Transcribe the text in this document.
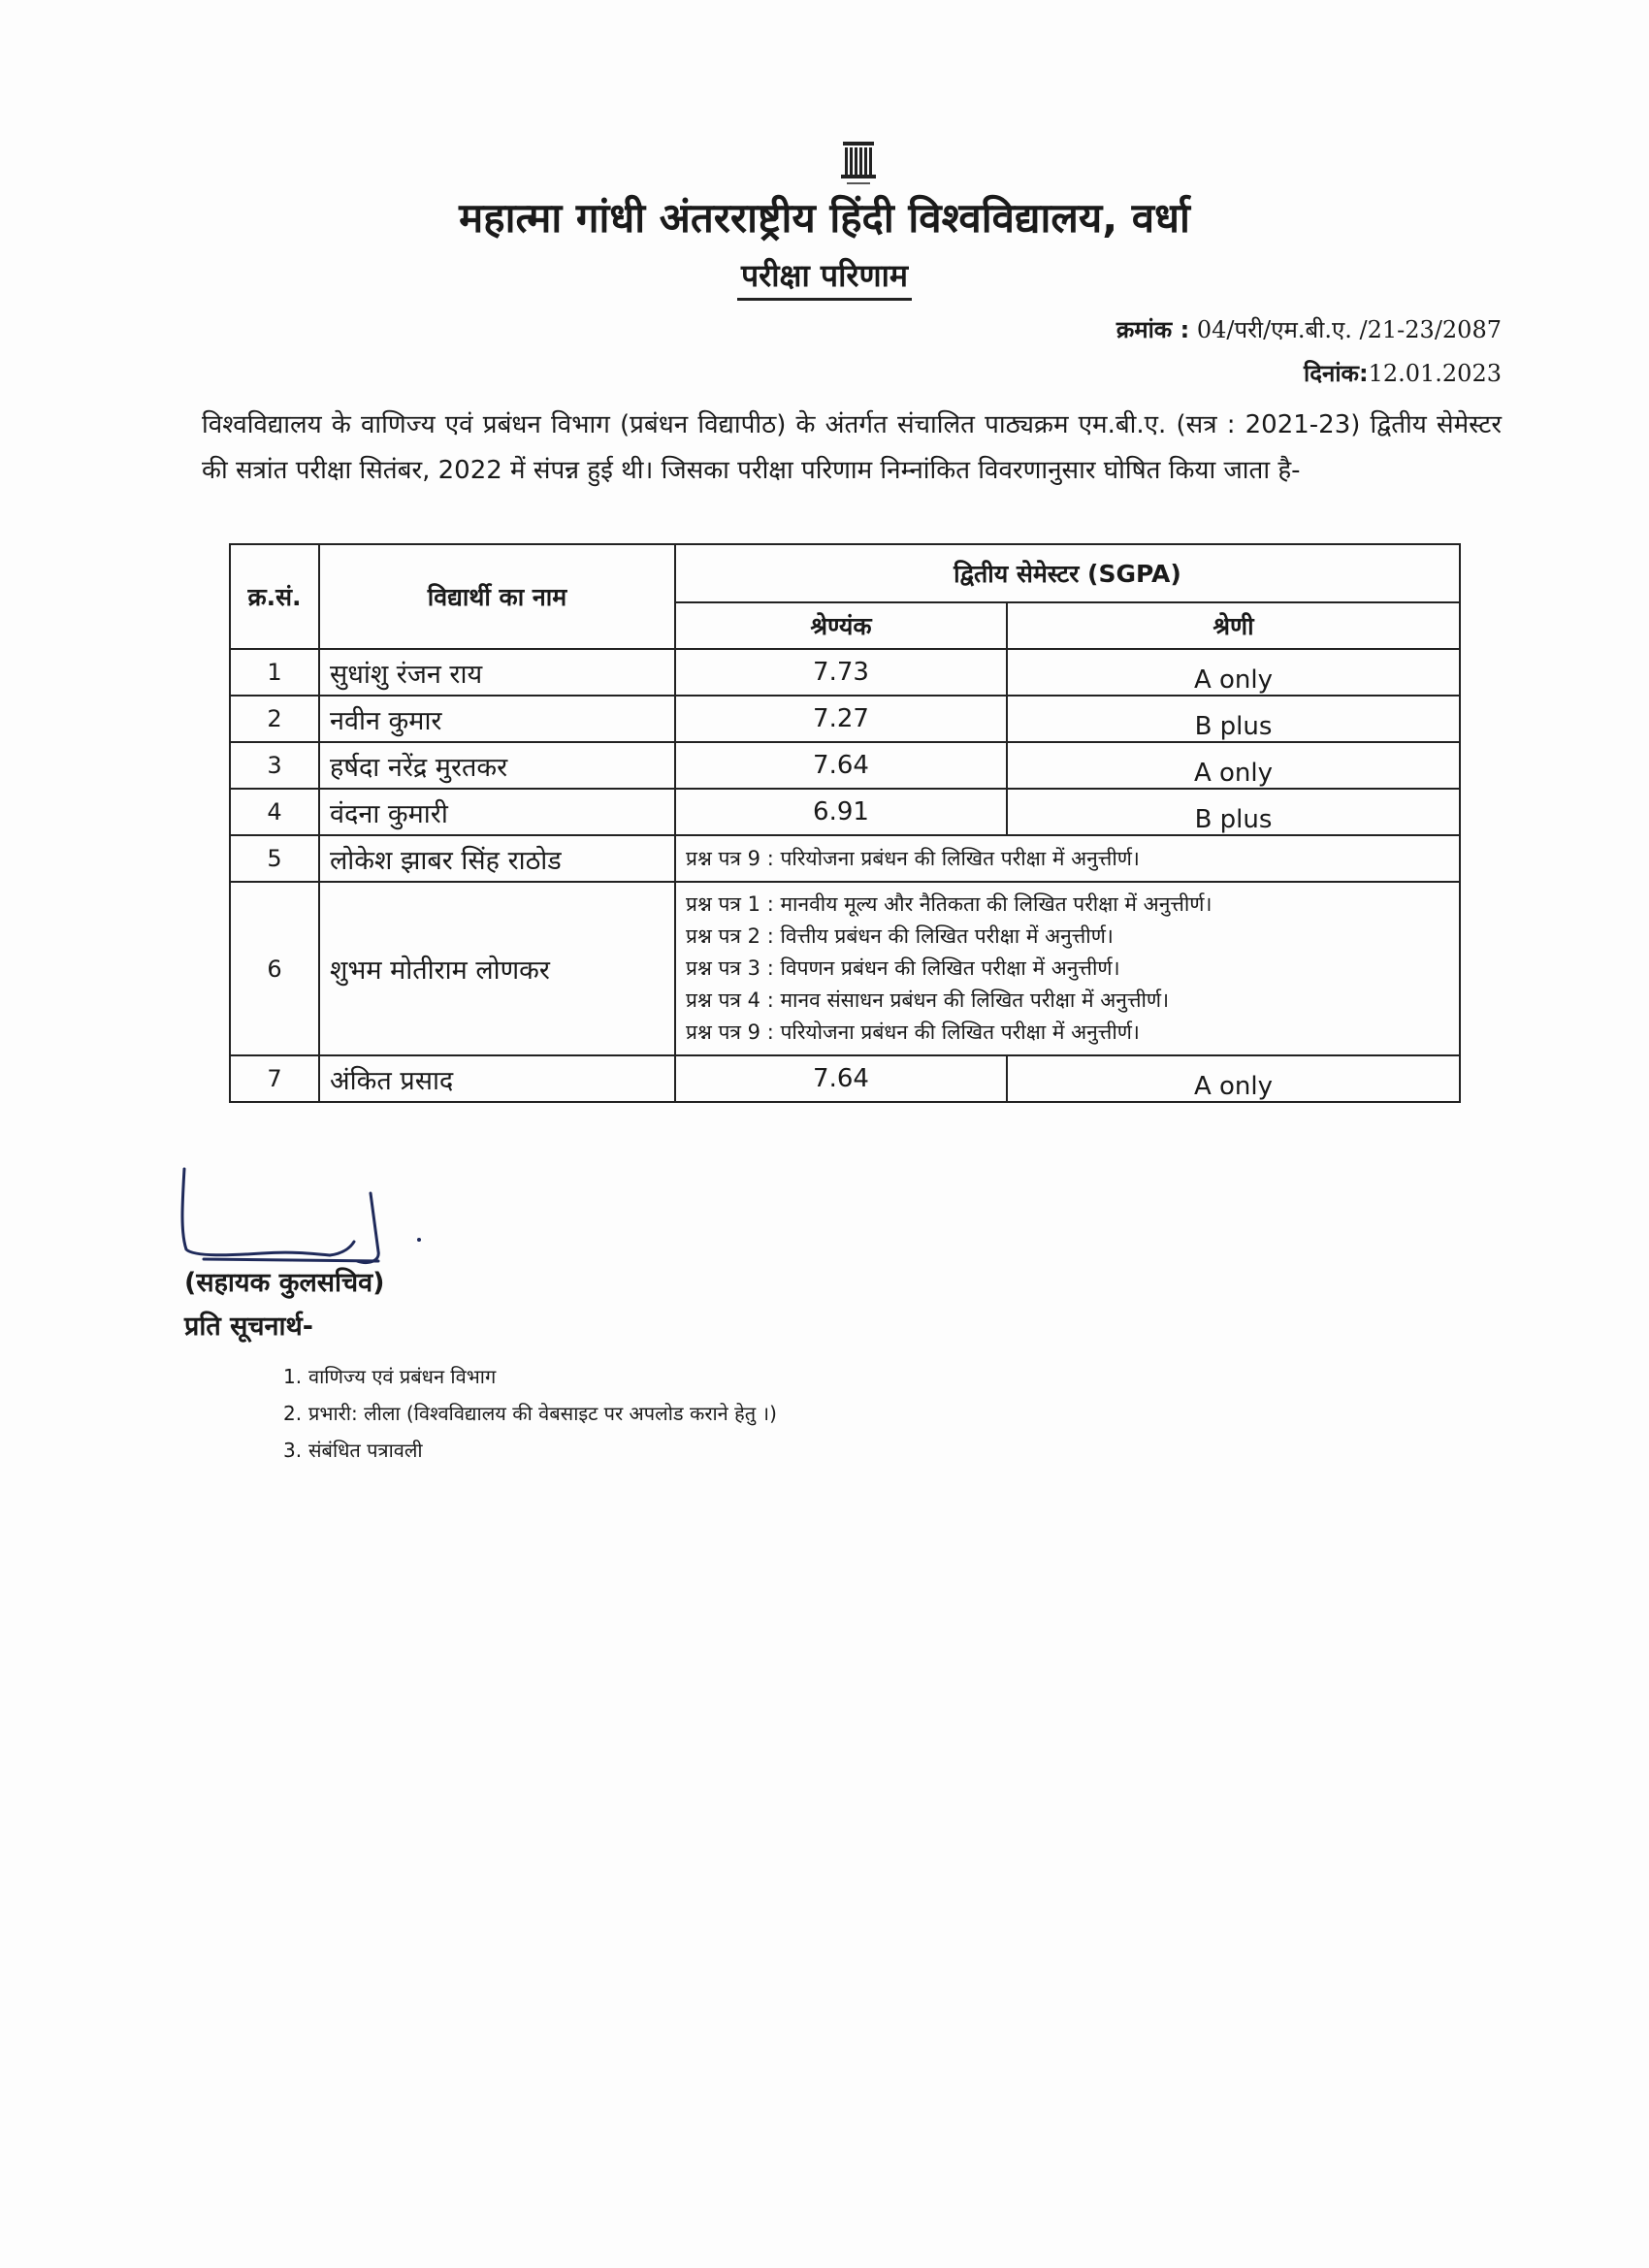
महात्मा गांधी अंतरराष्ट्रीय हिंदी विश्वविद्यालय, वर्धा
परीक्षा परिणाम
क्रमांक : 04/परी/एम.बी.ए. /21-23/2087
दिनांक:12.01.2023
विश्वविद्यालय के वाणिज्य एवं प्रबंधन विभाग (प्रबंधन विद्यापीठ) के अंतर्गत संचालित पाठ्यक्रम एम.बी.ए. (सत्र : 2021-23) द्वितीय सेमेस्टर की सत्रांत परीक्षा सितंबर, 2022 में संपन्न हुई थी। जिसका परीक्षा परिणाम निम्नांकित विवरणानुसार घोषित किया जाता है-
क्र.सं.	विद्यार्थी का नाम	द्वितीय सेमेस्टर (SGPA)	
		श्रेण्यंक	श्रेणी
1	सुधांशु रंजन राय	7.73	A only
2	नवीन कुमार	7.27	B plus
3	हर्षदा नरेंद्र मुरतकर	7.64	A only
4	वंदना कुमारी	6.91	B plus
5	लोकेश झाबर सिंह राठोड	प्रश्न पत्र 9 : परियोजना प्रबंधन की लिखित परीक्षा में अनुत्तीर्ण।	

6	शुभम मोतीराम लोणकर	प्रश्न पत्र 1 : मानवीय मूल्य और नैतिकता की लिखित परीक्षा में अनुत्तीर्ण।
प्रश्न पत्र 2 : वित्तीय प्रबंधन की लिखित परीक्षा में अनुत्तीर्ण।
प्रश्न पत्र 3 : विपणन प्रबंधन की लिखित परीक्षा में अनुत्तीर्ण।
प्रश्न पत्र 4 : मानव संसाधन प्रबंधन की लिखित परीक्षा में अनुत्तीर्ण।
प्रश्न पत्र 9 : परियोजना प्रबंधन की लिखित परीक्षा में अनुत्तीर्ण।	

7	अंकित प्रसाद	7.64	A only
(सहायक कुलसचिव)
प्रति सूचनार्थ-
1. वाणिज्य एवं प्रबंधन विभाग
2. प्रभारी: लीला (विश्वविद्यालय की वेबसाइट पर अपलोड कराने हेतु ।)
3. संबंधित पत्रावली
